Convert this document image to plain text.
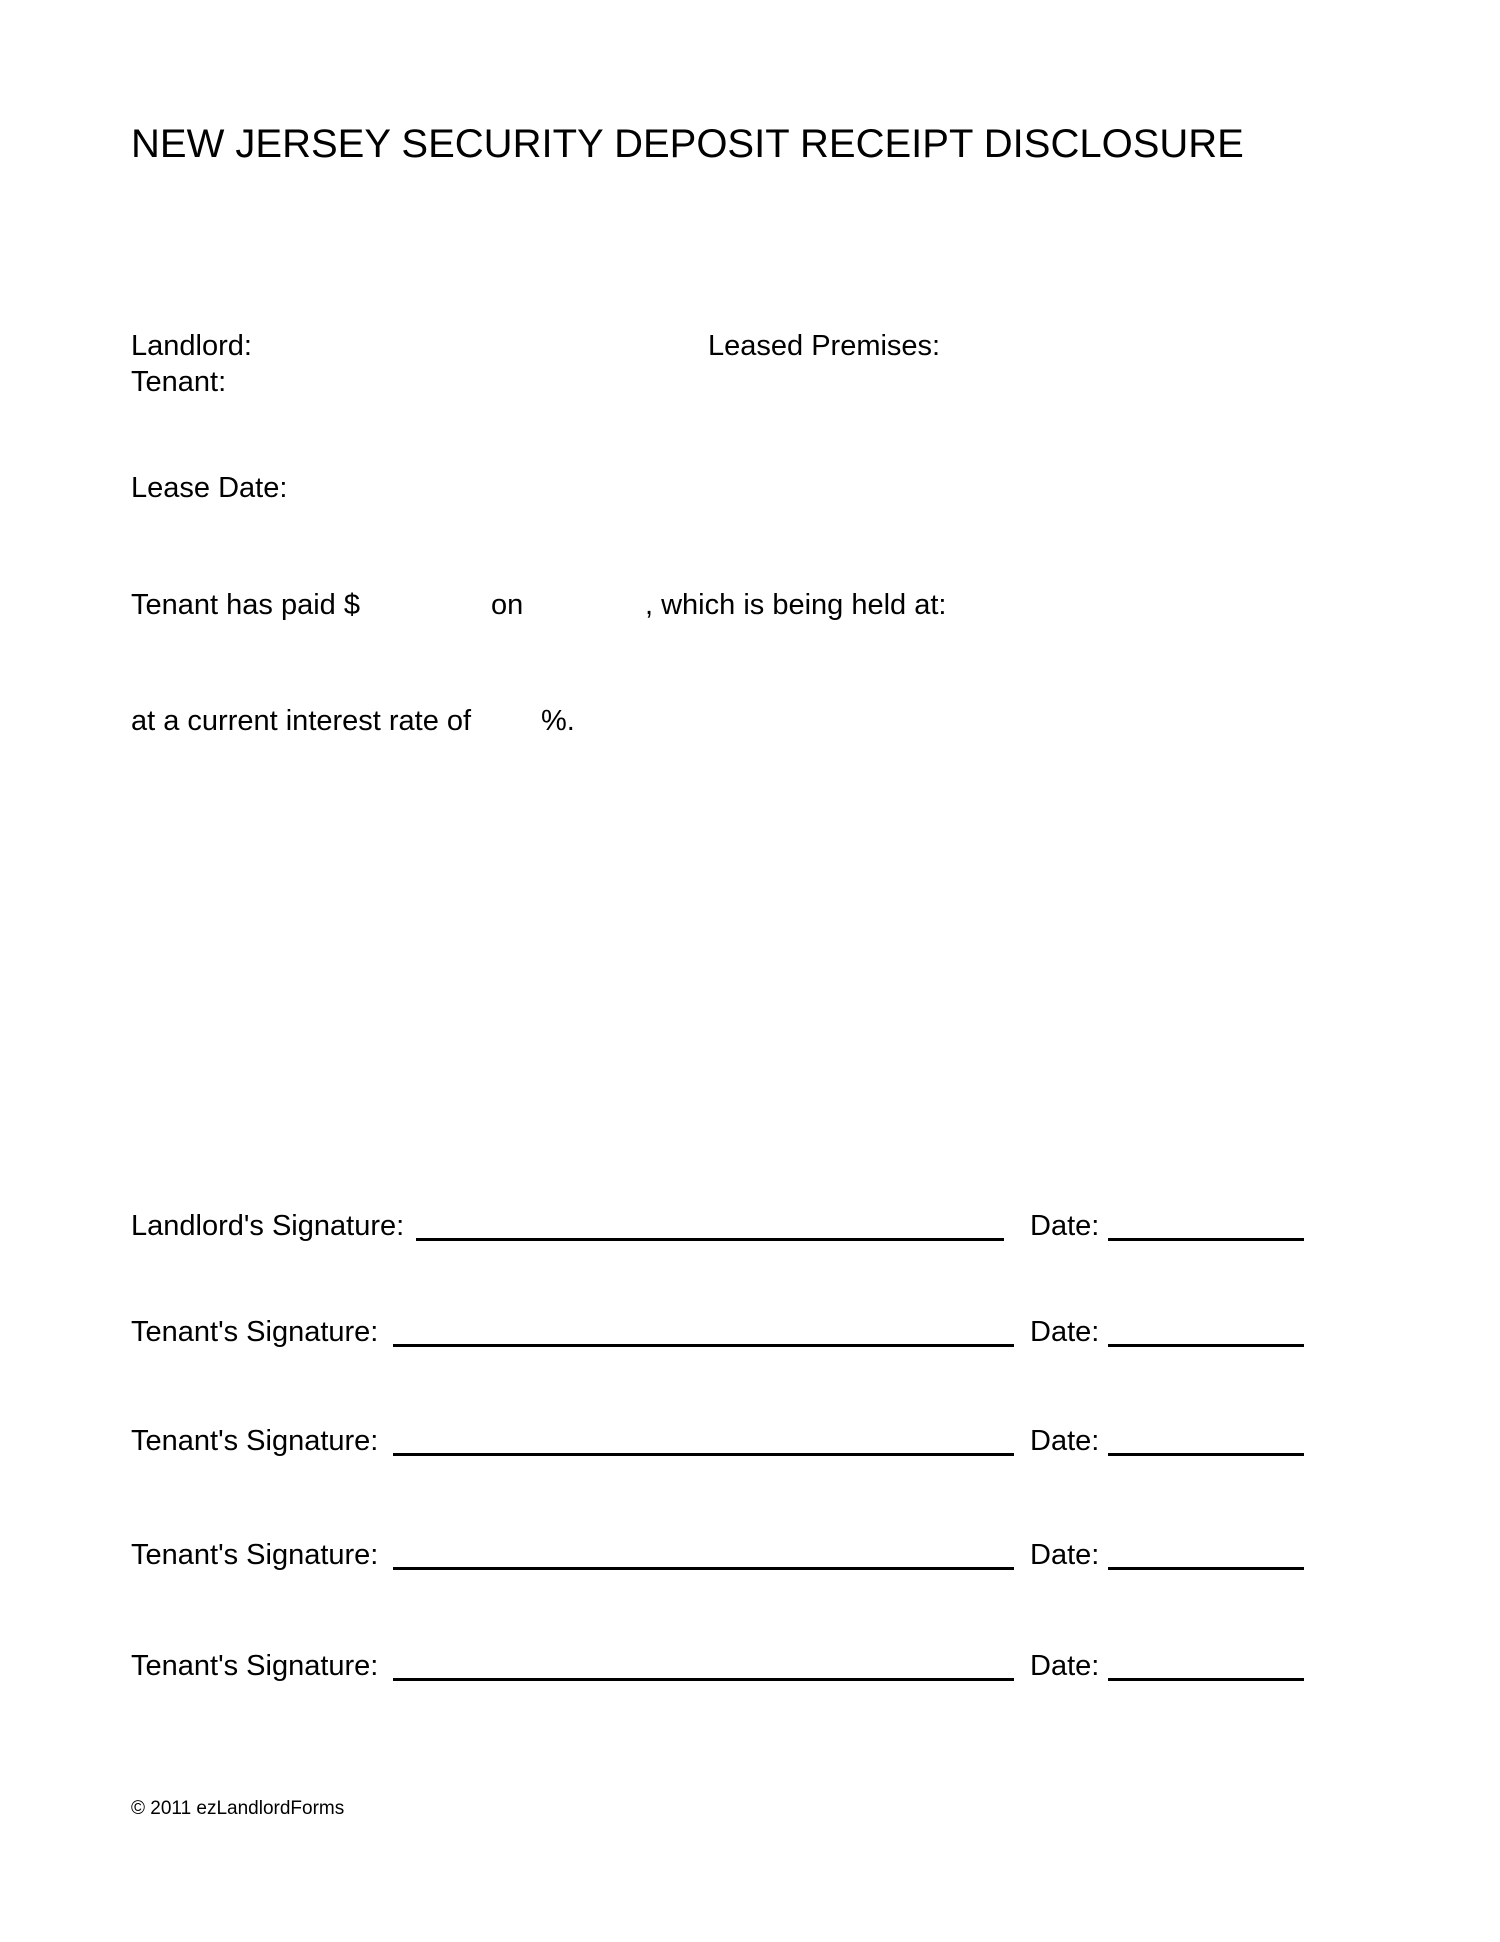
NEW JERSEY SECURITY DEPOSIT RECEIPT DISCLOSURE
Landlord:
Tenant:
Leased Premises:
Lease Date:
Tenant has paid $	on	, which is being held at:
at a current interest rate of %.
Landlord's Signature:	Date:
Tenant's Signature:	Date:
Tenant's Signature:	Date:
Tenant's Signature:	Date:
Tenant's Signature:	Date:
© 2011 ezLandlordForms
